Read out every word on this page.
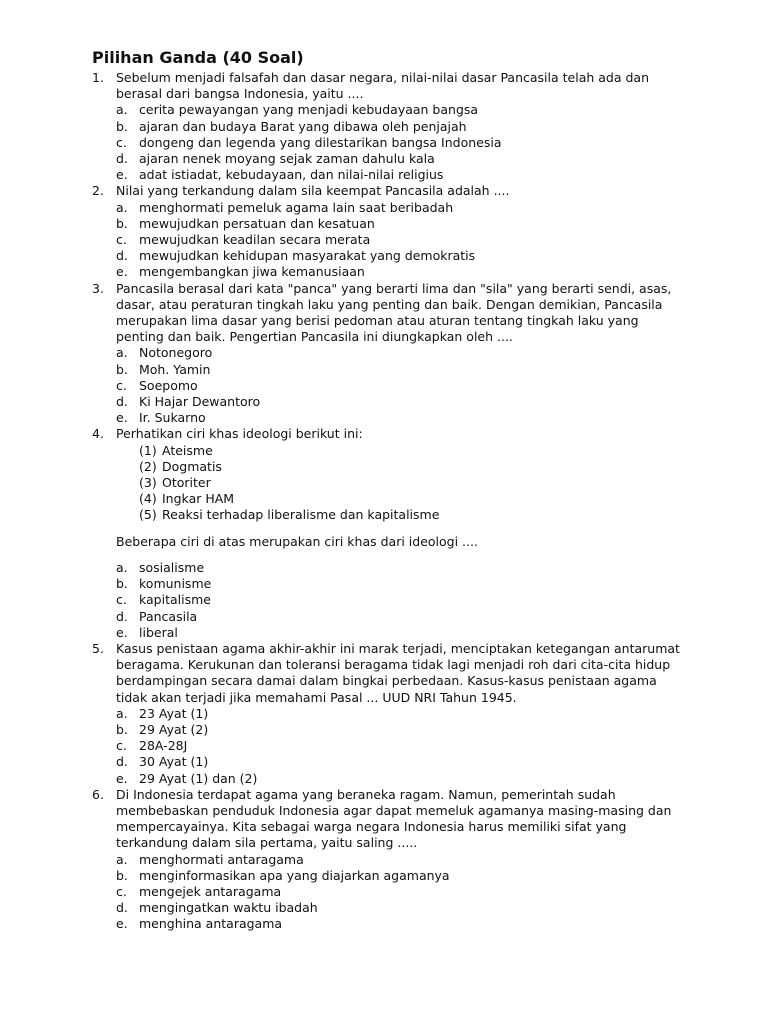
Pilihan Ganda (40 Soal)
1. Sebelum menjadi falsafah dan dasar negara, nilai-nilai dasar Pancasila telah ada dan berasal dari bangsa Indonesia, yaitu ....
a. cerita pewayangan yang menjadi kebudayaan bangsa
b. ajaran dan budaya Barat yang dibawa oleh penjajah
c. dongeng dan legenda yang dilestarikan bangsa Indonesia
d. ajaran nenek moyang sejak zaman dahulu kala
e. adat istiadat, kebudayaan, dan nilai-nilai religius
2. Nilai yang terkandung dalam sila keempat Pancasila adalah ....
a. menghormati pemeluk agama lain saat beribadah
b. mewujudkan persatuan dan kesatuan
c. mewujudkan keadilan secara merata
d. mewujudkan kehidupan masyarakat yang demokratis
e. mengembangkan jiwa kemanusiaan
3. Pancasila berasal dari kata "panca" yang berarti lima dan "sila" yang berarti sendi, asas, dasar, atau peraturan tingkah laku yang penting dan baik. Dengan demikian, Pancasila merupakan lima dasar yang berisi pedoman atau aturan tentang tingkah laku yang penting dan baik. Pengertian Pancasila ini diungkapkan oleh ....
a. Notonegoro
b. Moh. Yamin
c. Soepomo
d. Ki Hajar Dewantoro
e. Ir. Sukarno
4. Perhatikan ciri khas ideologi berikut ini:
(1) Ateisme
(2) Dogmatis
(3) Otoriter
(4) Ingkar HAM
(5) Reaksi terhadap liberalisme dan kapitalisme
Beberapa ciri di atas merupakan ciri khas dari ideologi ....
a. sosialisme
b. komunisme
c. kapitalisme
d. Pancasila
e. liberal
5. Kasus penistaan agama akhir-akhir ini marak terjadi, menciptakan ketegangan antarumat beragama. Kerukunan dan toleransi beragama tidak lagi menjadi roh dari cita-cita hidup berdampingan secara damai dalam bingkai perbedaan. Kasus-kasus penistaan agama tidak akan terjadi jika memahami Pasal ... UUD NRI Tahun 1945.
a. 23 Ayat (1)
b. 29 Ayat (2)
c. 28A-28J
d. 30 Ayat (1)
e. 29 Ayat (1) dan (2)
6. Di Indonesia terdapat agama yang beraneka ragam. Namun, pemerintah sudah membebaskan penduduk Indonesia agar dapat memeluk agamanya masing-masing dan mempercayainya. Kita sebagai warga negara Indonesia harus memiliki sifat yang terkandung dalam sila pertama, yaitu saling .....
a. menghormati antaragama
b. menginformasikan apa yang diajarkan agamanya
c. mengejek antaragama
d. mengingatkan waktu ibadah
e. menghina antaragama
